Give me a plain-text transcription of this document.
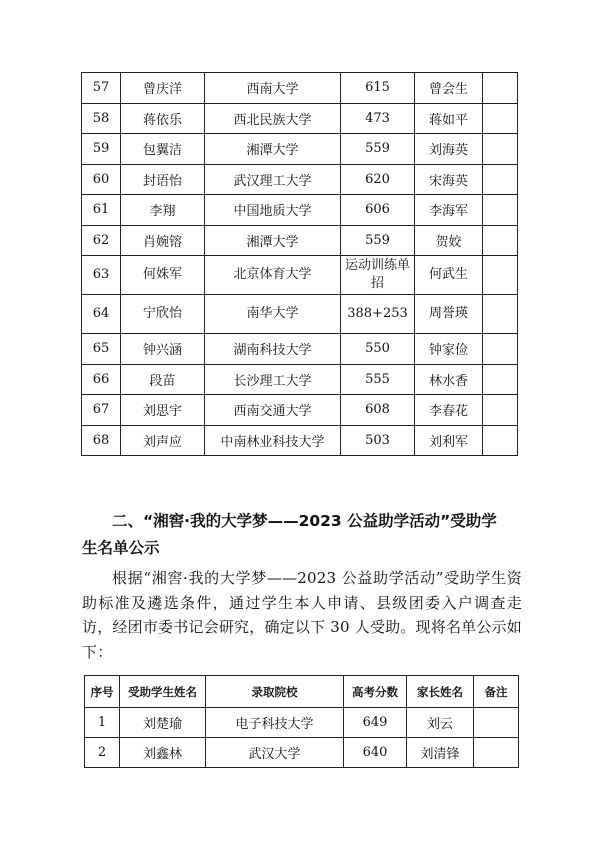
57	曾庆洋	西南大学	615	曾会生	
58	蒋依乐	西北民族大学	473	蒋如平	
59	包翼洁	湘潭大学	559	刘海英	
60	封语怡	武汉理工大学	620	宋海英	
61	李翔	中国地质大学	606	李海军	
62	肖婉镕	湘潭大学	559	贺姣	
63	何姝军	北京体育大学	运动训练单招	何武生	
64	宁欣怡	南华大学	388+253	周誉瑛	
65	钟兴涵	湖南科技大学	550	钟家俭	
66	段苗	长沙理工大学	555	林水香	
67	刘思宇	西南交通大学	608	李春花	
68	刘声应	中南林业科技大学	503	刘利军	
二、“湘窖·我的大学梦——2023 公益助学活动”受助学
生名单公示

根据“湘窖·我的大学梦——2023 公益助学活动”受助学生资助标准及遴选条件，通过学生本人申请、县级团委入户调查走访，经团市委书记会研究，确定以下 30 人受助。现将名单公示如下：

序号	受助学生姓名	录取院校	高考分数	家长姓名	备注
1	刘楚瑜	电子科技大学	649	刘云	
2	刘鑫林	武汉大学	640	刘清锋	
